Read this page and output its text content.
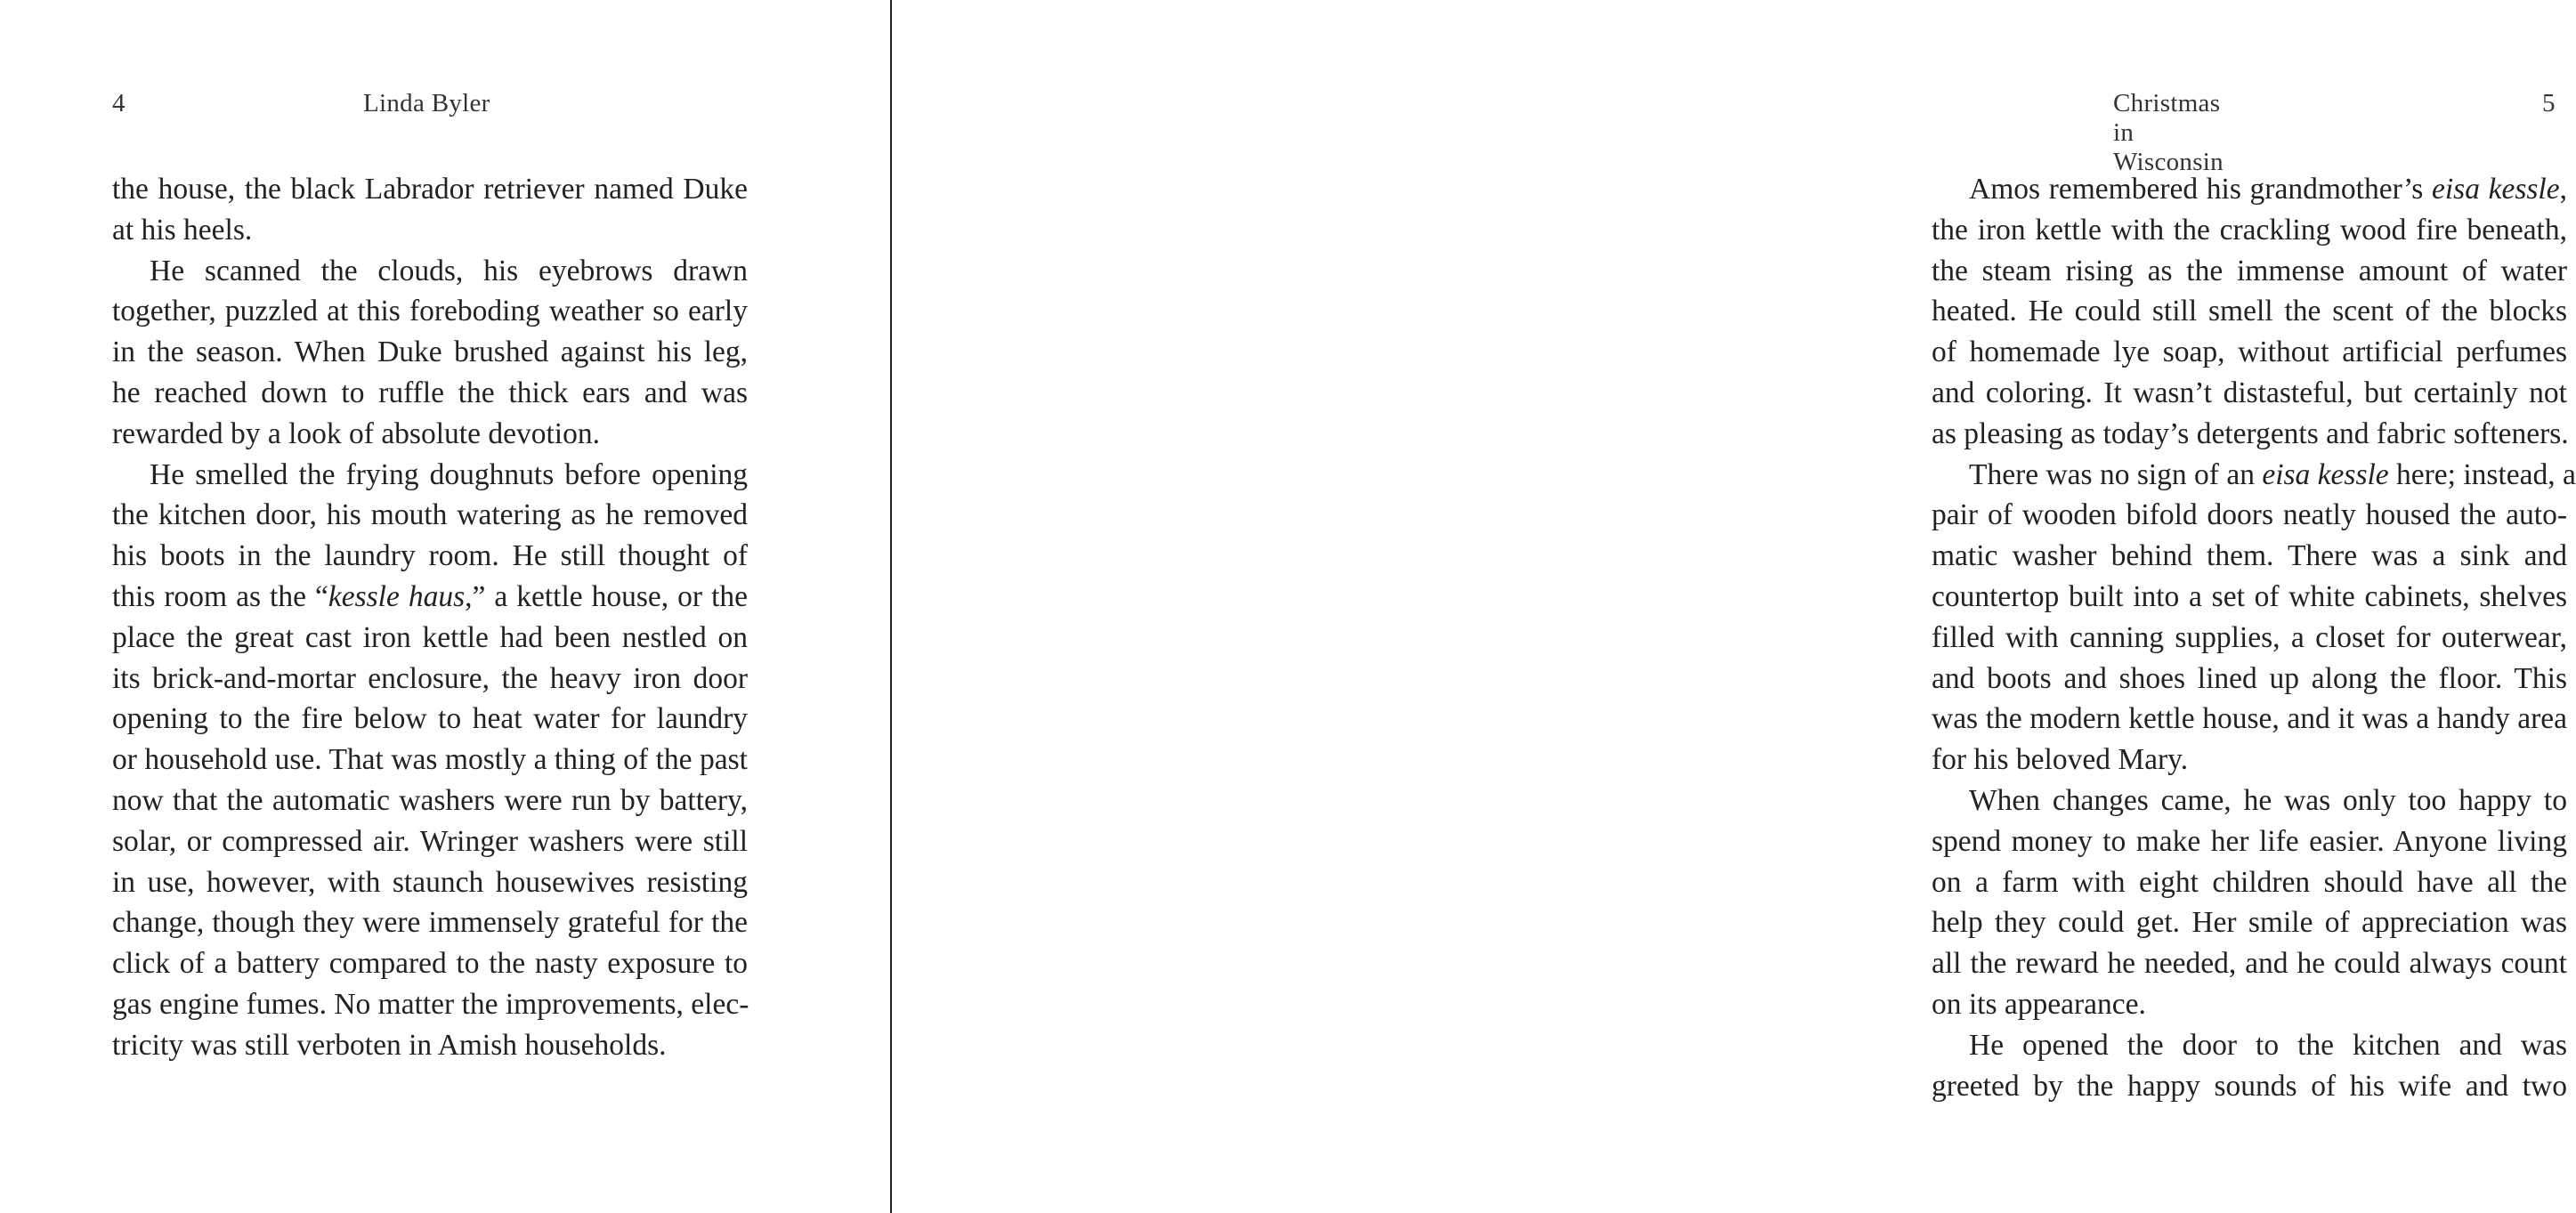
4	Linda Byler
the house, the black Labrador retriever named Duke
at his heels.
He scanned the clouds, his eyebrows drawn
together, puzzled at this foreboding weather so early
in the season. When Duke brushed against his leg,
he reached down to ruffle the thick ears and was
rewarded by a look of absolute devotion.
He smelled the frying doughnuts before opening
the kitchen door, his mouth watering as he removed
his boots in the laundry room. He still thought of
this room as the “kessle haus,” a kettle house, or the
place the great cast iron kettle had been nestled on
its brick-and-mortar enclosure, the heavy iron door
opening to the fire below to heat water for laundry
or household use. That was mostly a thing of the past
now that the automatic washers were run by battery,
solar, or compressed air. Wringer washers were still
in use, however, with staunch housewives resisting
change, though they were immensely grateful for the
click of a battery compared to the nasty exposure to
gas engine fumes. No matter the improvements, elec-
tricity was still verboten in Amish households.
Christmas in Wisconsin
5
Amos remembered his grandmother’s eisa kessle,
the iron kettle with the crackling wood fire beneath,
the steam rising as the immense amount of water
heated. He could still smell the scent of the blocks
of homemade lye soap, without artificial perfumes
and coloring. It wasn’t distasteful, but certainly not
as pleasing as today’s detergents and fabric softeners.
There was no sign of an eisa kessle here; instead, a
pair of wooden bifold doors neatly housed the auto-
matic washer behind them. There was a sink and
countertop built into a set of white cabinets, shelves
filled with canning supplies, a closet for outerwear,
and boots and shoes lined up along the floor. This
was the modern kettle house, and it was a handy area
for his beloved Mary.
When changes came, he was only too happy to
spend money to make her life easier. Anyone living
on a farm with eight children should have all the
help they could get. Her smile of appreciation was
all the reward he needed, and he could always count
on its appearance.
He opened the door to the kitchen and was
greeted by the happy sounds of his wife and two
